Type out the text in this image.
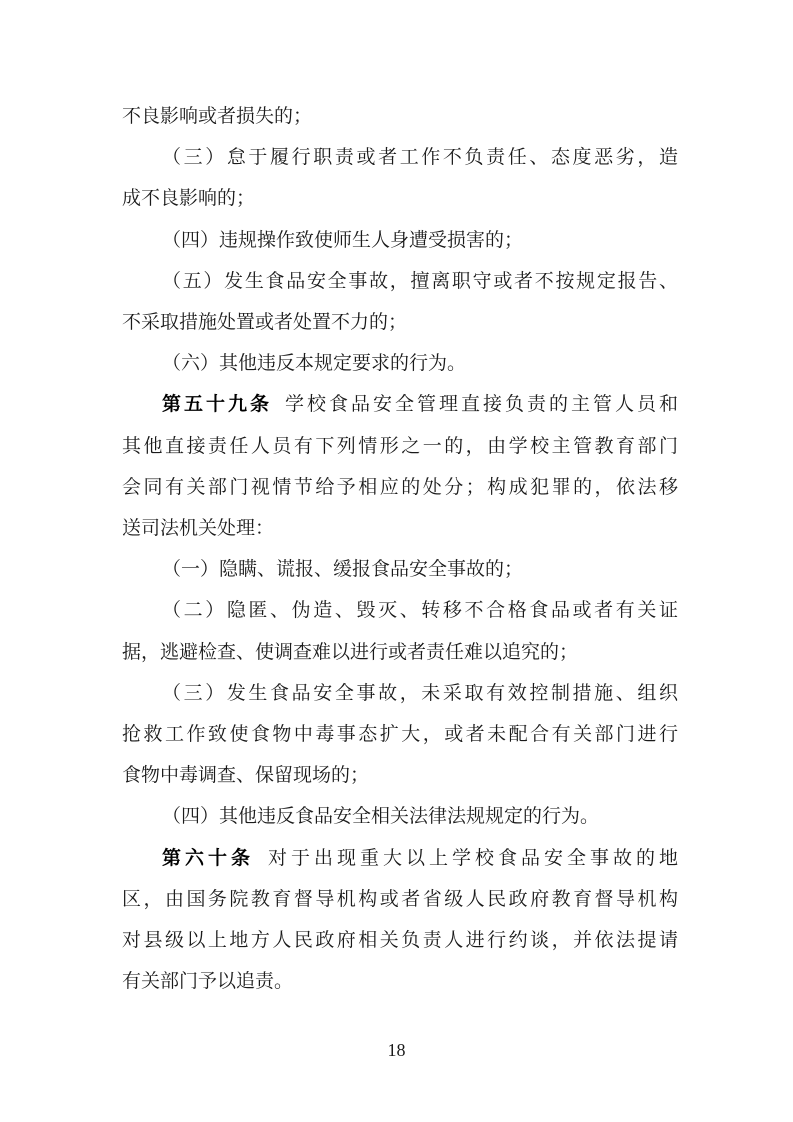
不良影响或者损失的；
（三）怠于履行职责或者工作不负责任、态度恶劣，造
成不良影响的；
（四）违规操作致使师生人身遭受损害的；
（五）发生食品安全事故，擅离职守或者不按规定报告、
不采取措施处置或者处置不力的；
（六）其他违反本规定要求的行为。
第五十九条 学校食品安全管理直接负责的主管人员和
其他直接责任人员有下列情形之一的，由学校主管教育部门
会同有关部门视情节给予相应的处分；构成犯罪的，依法移
送司法机关处理：
（一）隐瞒、谎报、缓报食品安全事故的；
（二）隐匿、伪造、毁灭、转移不合格食品或者有关证
据，逃避检查、使调查难以进行或者责任难以追究的；
（三）发生食品安全事故，未采取有效控制措施、组织
抢救工作致使食物中毒事态扩大，或者未配合有关部门进行
食物中毒调查、保留现场的；
（四）其他违反食品安全相关法律法规规定的行为。
第六十条 对于出现重大以上学校食品安全事故的地
区，由国务院教育督导机构或者省级人民政府教育督导机构
对县级以上地方人民政府相关负责人进行约谈，并依法提请
有关部门予以追责。
18
